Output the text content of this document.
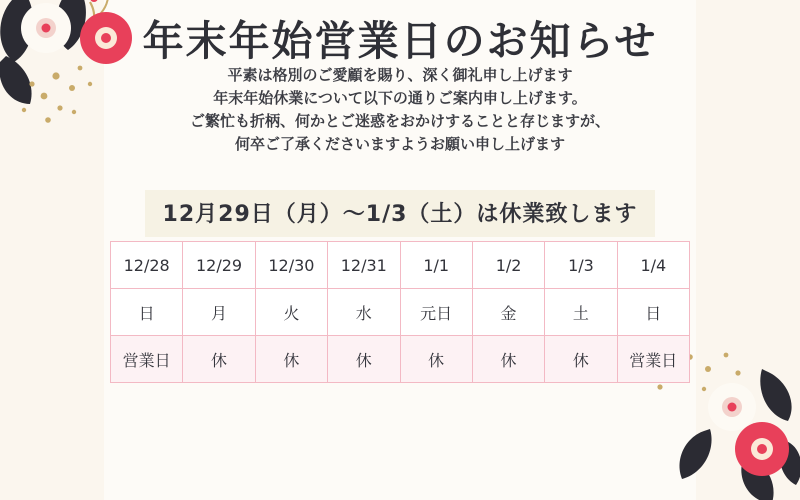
年末年始営業日のお知らせ
平素は格別のご愛顧を賜り、深く御礼申し上げます
年末年始休業について以下の通りご案内申し上げます。
ご繁忙も折柄、何かとご迷惑をおかけすることと存じますが、
何卒ご了承くださいますようお願い申し上げます
12月29日（月）〜1/3（土）は休業致します
12/28	12/29	12/30	12/31	1/1	1/2	1/3	1/4
日	月	火	水	元日	金	土	日
営業日	休	休	休	休	休	休	営業日
